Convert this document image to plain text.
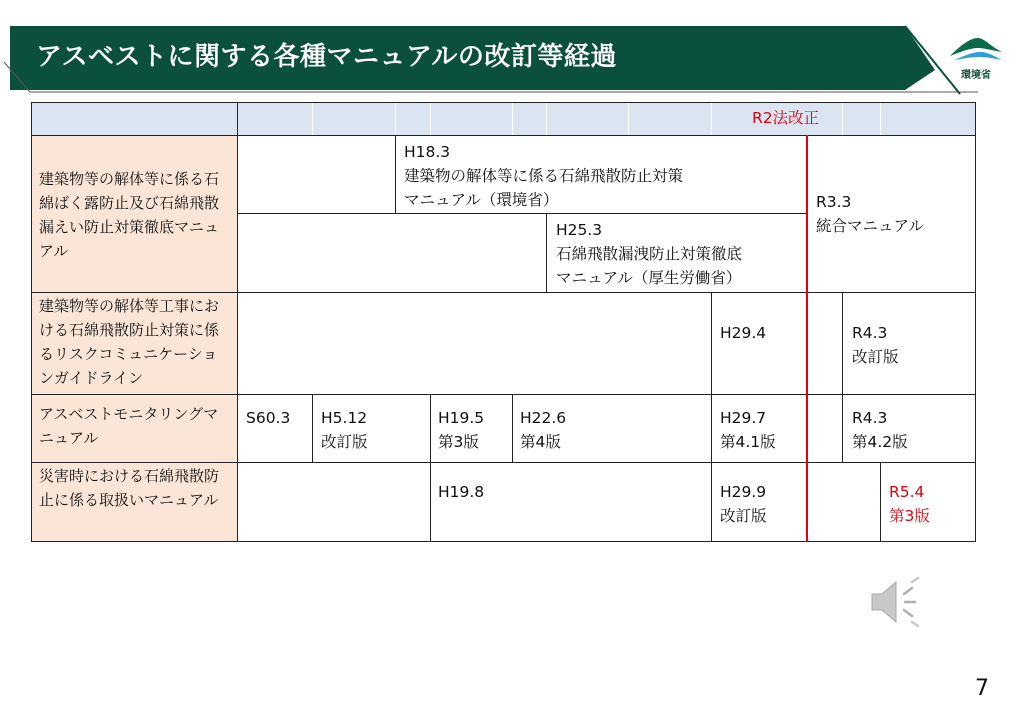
アスベストに関する各種マニュアルの改訂等経過
環境省
R2法改正
建築物等の解体等に係る石綿ばく露防止及び石綿飛散漏えい防止対策徹底マニュアル
建築物等の解体等工事における石綿飛散防止対策に係るリスクコミュニケーションガイドライン
アスベストモニタリングマニュアル
災害時における石綿飛散防止に係る取扱いマニュアル
H18.3
建築物の解体等に係る石綿飛散防止対策
マニュアル（環境省）
H25.3
石綿飛散漏洩防止対策徹底
マニュアル（厚生労働省）
R3.3
統合マニュアル
H29.4	R4.3
改訂版
S60.3 H5.12
改訂版
H19.5
第3版
H22.6
第4版
H29.7
第4.1版
R4.3
第4.2版
H19.8	H29.9
改訂版
R5.4
第3版
7
